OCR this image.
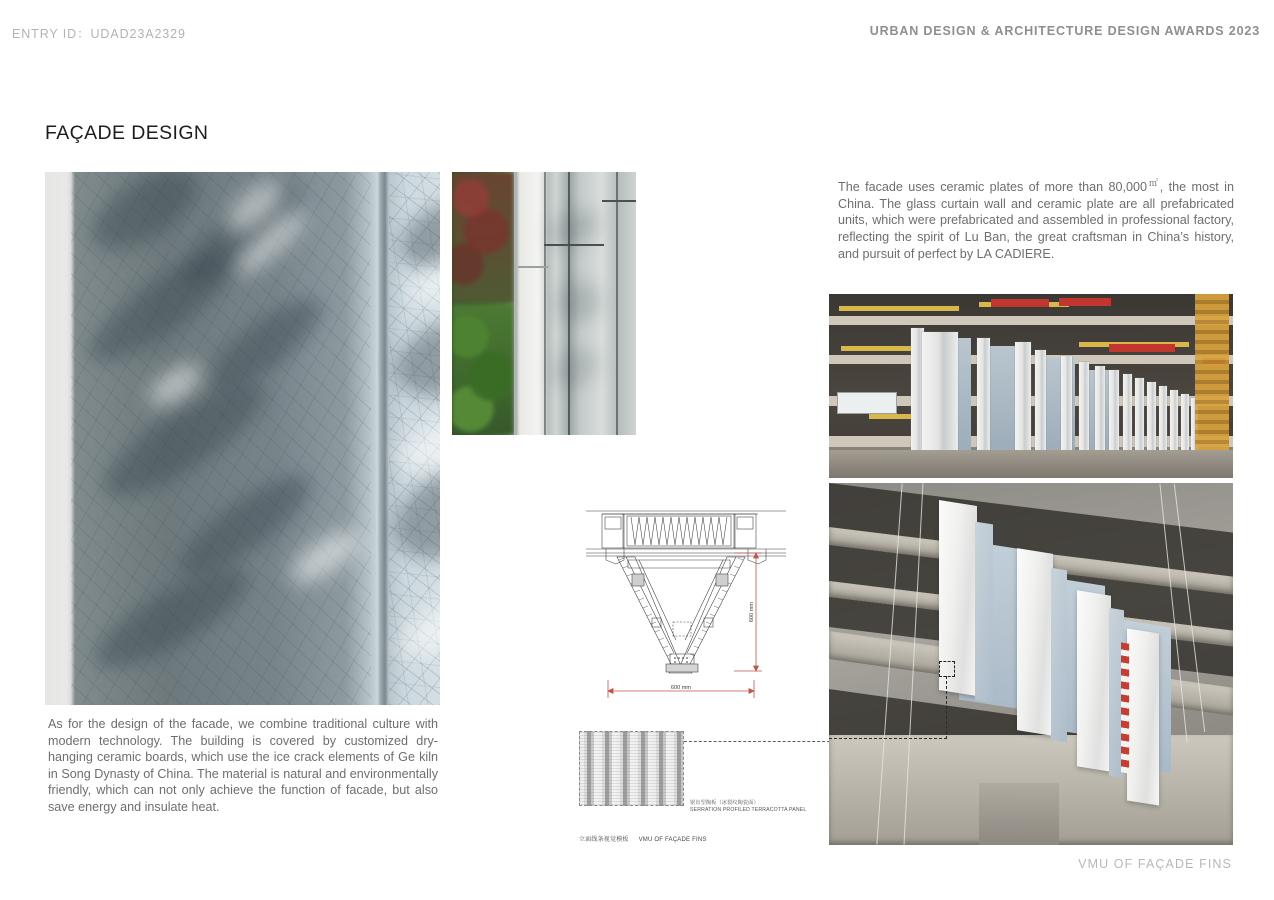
ENTRY ID：UDAD23A2329	URBAN DESIGN & ARCHITECTURE DESIGN AWARDS 2023
FAÇADE DESIGN
The facade uses ceramic plates of more than 80,000㎡, the most in China. The glass curtain wall and ceramic plate are all prefabricated units, which were prefabricated and assembled in professional factory, reflecting the spirit of Lu Ban, the great craftsman in China’s history, and pursuit of perfect by LA CADIERE.
600 mm
600 mm
锯齿型陶板（冰裂纹陶瓷面）
SERRATION PROFILED TERRACOTTA PANEL
立面线条视觉模板 VMU OF FAÇADE FINS
As for the design of the facade, we combine traditional culture with modern technology. The building is covered by customized dry-hanging ceramic boards, which use the ice crack elements of Ge kiln in Song Dynasty of China. The material is natural and environmentally friendly, which can not only achieve the function of facade, but also save energy and insulate heat.
VMU OF FAÇADE FINS
